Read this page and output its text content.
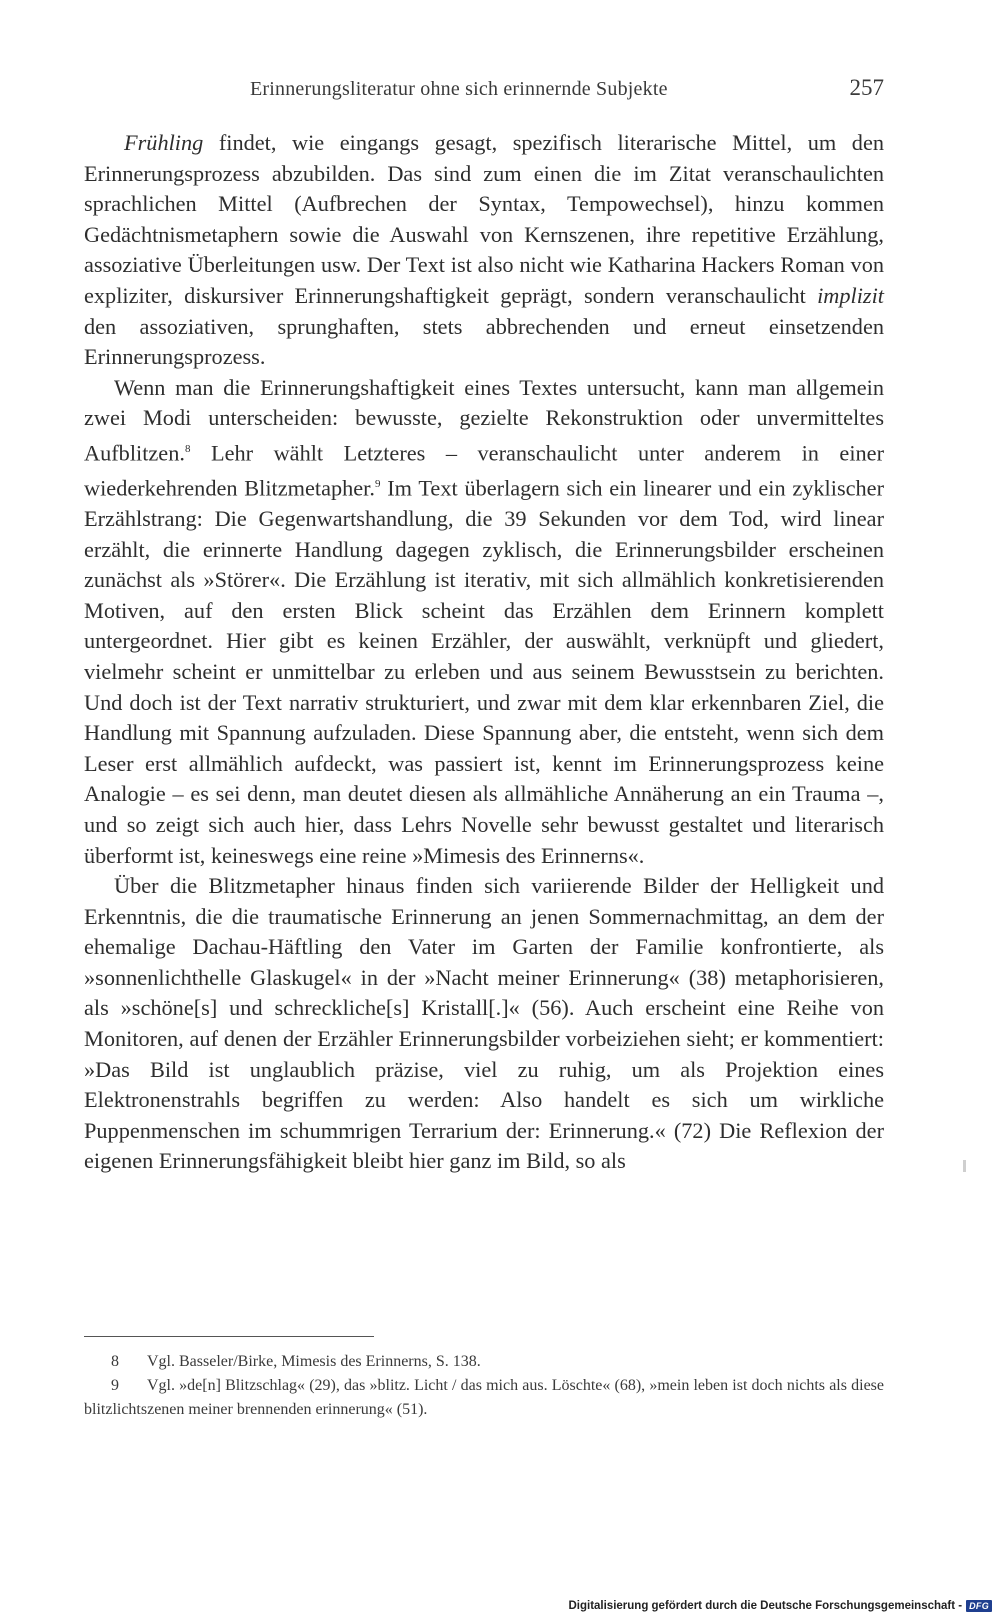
Erinnerungsliteratur ohne sich erinnernde Subjekte	257

Frühling findet, wie eingangs gesagt, spezifisch literarische Mittel, um den Erinnerungsprozess abzubilden. Das sind zum einen die im Zitat veranschaulichten sprachlichen Mittel (Aufbrechen der Syntax, Tempowechsel), hinzu kommen Gedächtnismetaphern sowie die Auswahl von Kernszenen, ihre repetitive Erzählung, assoziative Überleitungen usw. Der Text ist also nicht wie Katharina Hackers Roman von expliziter, diskursiver Erinnerungshaftigkeit geprägt, sondern veranschaulicht implizit den assoziativen, sprunghaften, stets abbrechenden und erneut einsetzenden Erinnerungsprozess.

Wenn man die Erinnerungshaftigkeit eines Textes untersucht, kann man allgemein zwei Modi unterscheiden: bewusste, gezielte Rekonstruktion oder unvermitteltes Aufblitzen.$^8$ Lehr wählt Letzteres – veranschaulicht unter anderem in einer wiederkehrenden Blitzmetapher.$^9$ Im Text überlagern sich ein linearer und ein zyklischer Erzählstrang: Die Gegenwartshandlung, die 39 Sekunden vor dem Tod, wird linear erzählt, die erinnerte Handlung dagegen zyklisch, die Erinnerungsbilder erscheinen zunächst als »Störer«. Die Erzählung ist iterativ, mit sich allmählich konkretisierenden Motiven, auf den ersten Blick scheint das Erzählen dem Erinnern komplett untergeordnet. Hier gibt es keinen Erzähler, der auswählt, verknüpft und gliedert, vielmehr scheint er unmittelbar zu erleben und aus seinem Bewusstsein zu berichten. Und doch ist der Text narrativ strukturiert, und zwar mit dem klar erkennbaren Ziel, die Handlung mit Spannung aufzuladen. Diese Spannung aber, die entsteht, wenn sich dem Leser erst allmählich aufdeckt, was passiert ist, kennt im Erinnerungsprozess keine Analogie – es sei denn, man deutet diesen als allmähliche Annäherung an ein Trauma –, und so zeigt sich auch hier, dass Lehrs Novelle sehr bewusst gestaltet und literarisch überformt ist, keineswegs eine reine »Mimesis des Erinnerns«.

Über die Blitzmetapher hinaus finden sich variierende Bilder der Helligkeit und Erkenntnis, die die traumatische Erinnerung an jenen Sommernachmittag, an dem der ehemalige Dachau-Häftling den Vater im Garten der Familie konfrontierte, als »sonnenlichthelle Glaskugel« in der »Nacht meiner Erinnerung« (38) metaphorisieren, als »schöne[s] und schreckliche[s] Kristall[.]« (56). Auch erscheint eine Reihe von Monitoren, auf denen der Erzähler Erinnerungsbilder vorbeiziehen sieht; er kommentiert: »Das Bild ist unglaublich präzise, viel zu ruhig, um als Projektion eines Elektronenstrahls begriffen zu werden: Also handelt es sich um wirkliche Puppenmenschen im schummrigen Terrarium der: Erinnerung.« (72) Die Reflexion der eigenen Erinnerungsfähigkeit bleibt hier ganz im Bild, so als

8 Vgl. Basseler/Birke, Mimesis des Erinnerns, S. 138.

9 Vgl. »de[n] Blitzschlag« (29), das »blitz. Licht / das mich aus. Löschte« (68), »mein leben ist doch nichts als diese blitzlichtszenen meiner brennenden erinnerung« (51).

Digitalisierung gefördert durch die Deutsche Forschungsgemeinschaft - DFG
